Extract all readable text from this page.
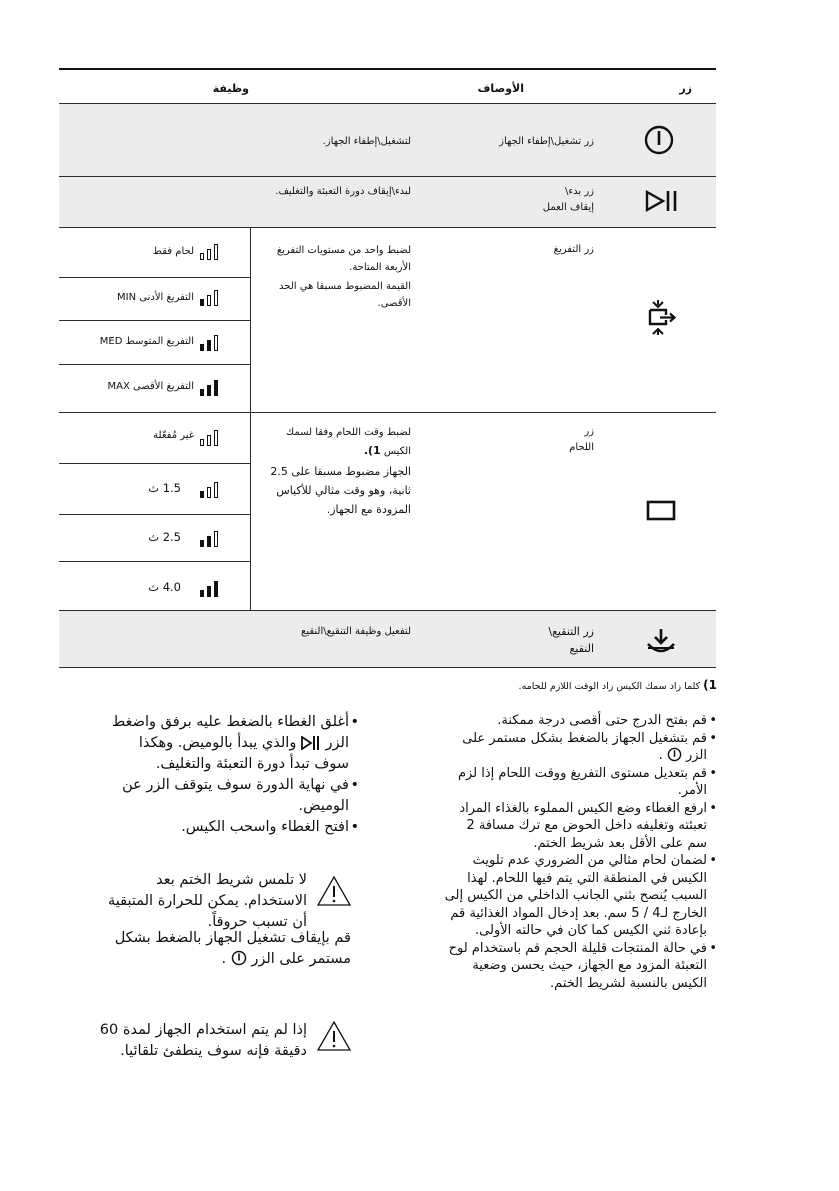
زر
الأوصاف
وظيفة
زر تشغيل\إطفاء الجهاز
لتشغيل\إطفاء الجهاز.
زر بدء\
إيقاف العمل
لبدء\إيقاف دورة التعبئة والتغليف.
زر التفريغ
لضبط واحد من مستويات التفريغ
الأربعة المتاحة.
القيمة المضبوط مسبقا هي الحد
الأقصى.
لحام فقط
التفريغ الأدنى MIN
التفريغ المتوسط MED
التفريغ الأقصى MAX
زر
اللحام
لضبط وقت اللحام وفقا لسمك
الكيس 1).
الجهاز مضبوط مسبقا على 2.5
ثانية، وهو وقت مثالي للأكياس
المزودة مع الجهاز.
غير مُفعّلة
1.5 ث
2.5 ث
4.0 ث
زر التنقيع\
النقيع
لتفعيل وظيفة التنقيع\النقيع
1) كلما زاد سمك الكيس زاد الوقت اللازم للحامه.
• قم بفتح الدرج حتى أقصى درجة ممكنة.
• قم بتشغيل الجهاز بالضغط بشكل مستمر على
الزر  .
• قم بتعديل مستوى التفريغ ووقت اللحام إذا لزم
الأمر.
• ارفع الغطاء وضع الكيس المملوء بالغذاء المراد
تعبئته وتغليفه داخل الحوض مع ترك مسافة 2
سم على الأقل بعد شريط الختم.
• لضمان لحام مثالي من الضروري عدم تلويث
الكيس في المنطقة التي يتم فيها اللحام. لهذا
السبب يُنصح بثني الجانب الداخلي من الكيس إلى
الخارج لـ4 / 5 سم. بعد إدخال المواد الغذائية قم
بإعادة ثني الكيس كما كان في حالته الأولى.
• في حالة المنتجات قليلة الحجم قم باستخدام لوح
التعبئة المزود مع الجهاز، حيث يحسن وضعية
الكيس بالنسبة لشريط الختم.
• أغلق الغطاء بالضغط عليه برفق واضغط
الزر  والذي يبدأ بالوميض. وهكذا
سوف تبدأ دورة التعبئة والتغليف.
• في نهاية الدورة سوف يتوقف الزر عن
الوميض.
• افتح الغطاء واسحب الكيس.
لا تلمس شريط الختم بعد
الاستخدام. يمكن للحرارة المتبقية
أن تسبب حروقاً.
قم بإيقاف تشغيل الجهاز بالضغط بشكل
مستمر على الزر  .
إذا لم يتم استخدام الجهاز لمدة 60
دقيقة فإنه سوف ينطفئ تلقائيا.
